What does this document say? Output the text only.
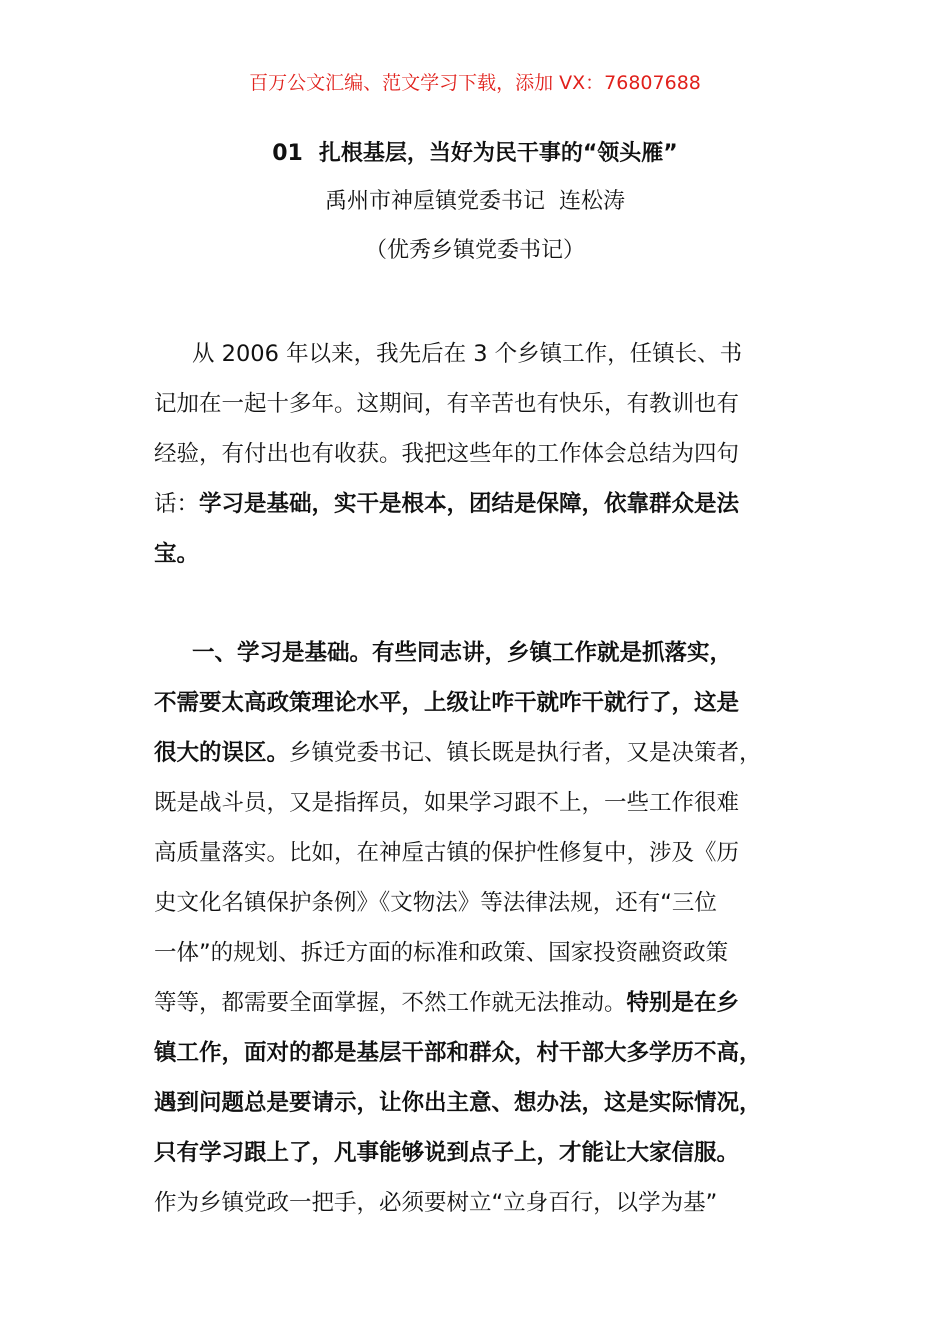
百万公文汇编、范文学习下载，添加 VX：76807688
01 扎根基层，当好为民干事的“领头雁”
禹州市神垕镇党委书记 连松涛
（优秀乡镇党委书记）
从 2006 年以来，我先后在 3 个乡镇工作，任镇长、书
记加在一起十多年。这期间，有辛苦也有快乐，有教训也有
经验，有付出也有收获。我把这些年的工作体会总结为四句
话：学习是基础，实干是根本，团结是保障，依靠群众是法
宝。
一、学习是基础。有些同志讲，乡镇工作就是抓落实，
不需要太高政策理论水平，上级让咋干就咋干就行了，这是
很大的误区。乡镇党委书记、镇长既是执行者，又是决策者，
既是战斗员，又是指挥员，如果学习跟不上，一些工作很难
高质量落实。比如，在神垕古镇的保护性修复中，涉及《历
史文化名镇保护条例》《文物法》等法律法规，还有“三位
一体”的规划、拆迁方面的标准和政策、国家投资融资政策
等等，都需要全面掌握，不然工作就无法推动。特别是在乡
镇工作，面对的都是基层干部和群众，村干部大多学历不高，
遇到问题总是要请示，让你出主意、想办法，这是实际情况，
只有学习跟上了，凡事能够说到点子上，才能让大家信服。
作为乡镇党政一把手，必须要树立“立身百行，以学为基”
